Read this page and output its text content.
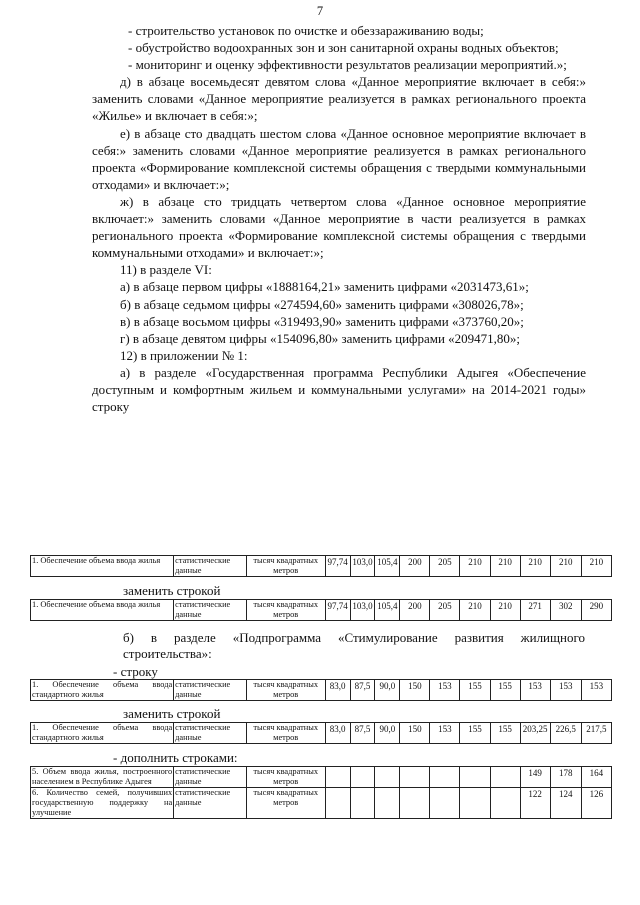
7

- строительство установок по очистке и обеззараживанию воды;

- обустройство водоохранных зон и зон санитарной охраны водных объектов;

- мониторинг и оценку эффективности результатов реализации мероприятий.»;

д) в абзаце восемьдесят девятом слова «Данное мероприятие включает в себя:» заменить словами «Данное мероприятие реализуется в рамках регионального проекта «Жилье» и включает в себя:»;

е) в абзаце сто двадцать шестом слова «Данное основное мероприятие включает в себя:» заменить словами «Данное мероприятие реализуется в рамках регионального проекта «Формирование комплексной системы обращения с твердыми коммунальными отходами» и включает:»;

ж) в абзаце сто тридцать четвертом слова «Данное основное мероприятие включает:» заменить словами «Данное мероприятие в части реализуется в рамках регионального проекта «Формирование комплексной системы обращения с твердыми коммунальными отходами» и включает:»;

11) в разделе VI:

а) в абзаце первом цифры «1888164,21» заменить цифрами «2031473,61»;

б) в абзаце седьмом цифры «274594,60» заменить цифрами «308026,78»;

в) в абзаце восьмом цифры «319493,90» заменить цифрами «373760,20»;

г) в абзаце девятом цифры «154096,80» заменить цифрами «209471,80»;

12) в приложении № 1:

а) в разделе «Государственная программа Республики Адыгея «Обеспечение доступным и комфортным жильем и коммунальными услугами» на 2014-2021 годы» строку

1. Обеспечение объема ввода жилья	статистические данные	тысяч квадратных метров	97,74	103,0	105,4	200	205	210	210	210	210	210
заменить строкой
1. Обеспечение объема ввода жилья	статистические данные	тысяч квадратных метров	97,74	103,0	105,4	200	205	210	210	271	302	290
б) в разделе «Подпрограмма «Стимулирование развития жилищного строительства»:
- строку
1. Обеспечение объема ввода стандартного жилья	статистические данные	тысяч квадратных метров	83,0	87,5	90,0	150	153	155	155	153	153	153
заменить строкой
1. Обеспечение объема ввода стандартного жилья	статистические данные	тысяч квадратных метров	83,0	87,5	90,0	150	153	155	155	203,25	226,5	217,5
- дополнить строками:
5. Объем ввода жилья, построенного населением в Республике Адыгея	статистические данные	тысяч квадратных метров								149	178	164
6. Количество семей, получивших государственную поддержку на улучшение	статистические данные	тысяч квадратных метров								122	124	126
